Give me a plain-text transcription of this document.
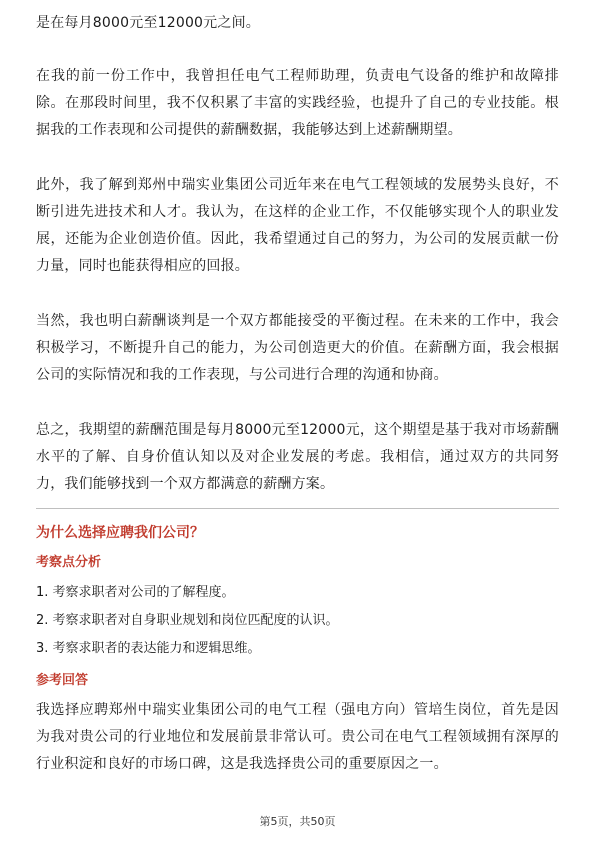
是在每月8000元至12000元之间。

在我的前一份工作中，我曾担任电气工程师助理，负责电气设备的维护和故障排除。在那段时间里，我不仅积累了丰富的实践经验，也提升了自己的专业技能。根据我的工作表现和公司提供的薪酬数据，我能够达到上述薪酬期望。

此外，我了解到郑州中瑞实业集团公司近年来在电气工程领域的发展势头良好，不断引进先进技术和人才。我认为，在这样的企业工作，不仅能够实现个人的职业发展，还能为企业创造价值。因此，我希望通过自己的努力，为公司的发展贡献一份力量，同时也能获得相应的回报。

当然，我也明白薪酬谈判是一个双方都能接受的平衡过程。在未来的工作中，我会积极学习，不断提升自己的能力，为公司创造更大的价值。在薪酬方面，我会根据公司的实际情况和我的工作表现，与公司进行合理的沟通和协商。

总之，我期望的薪酬范围是每月8000元至12000元，这个期望是基于我对市场薪酬水平的了解、自身价值认知以及对企业发展的考虑。我相信，通过双方的共同努力，我们能够找到一个双方都满意的薪酬方案。

为什么选择应聘我们公司？
考察点分析
1. 考察求职者对公司的了解程度。
2. 考察求职者对自身职业规划和岗位匹配度的认识。
3. 考察求职者的表达能力和逻辑思维。
参考回答

我选择应聘郑州中瑞实业集团公司的电气工程（强电方向）管培生岗位，首先是因为我对贵公司的行业地位和发展前景非常认可。贵公司在电气工程领域拥有深厚的行业积淀和良好的市场口碑，这是我选择贵公司的重要原因之一。

第5页，共50页
